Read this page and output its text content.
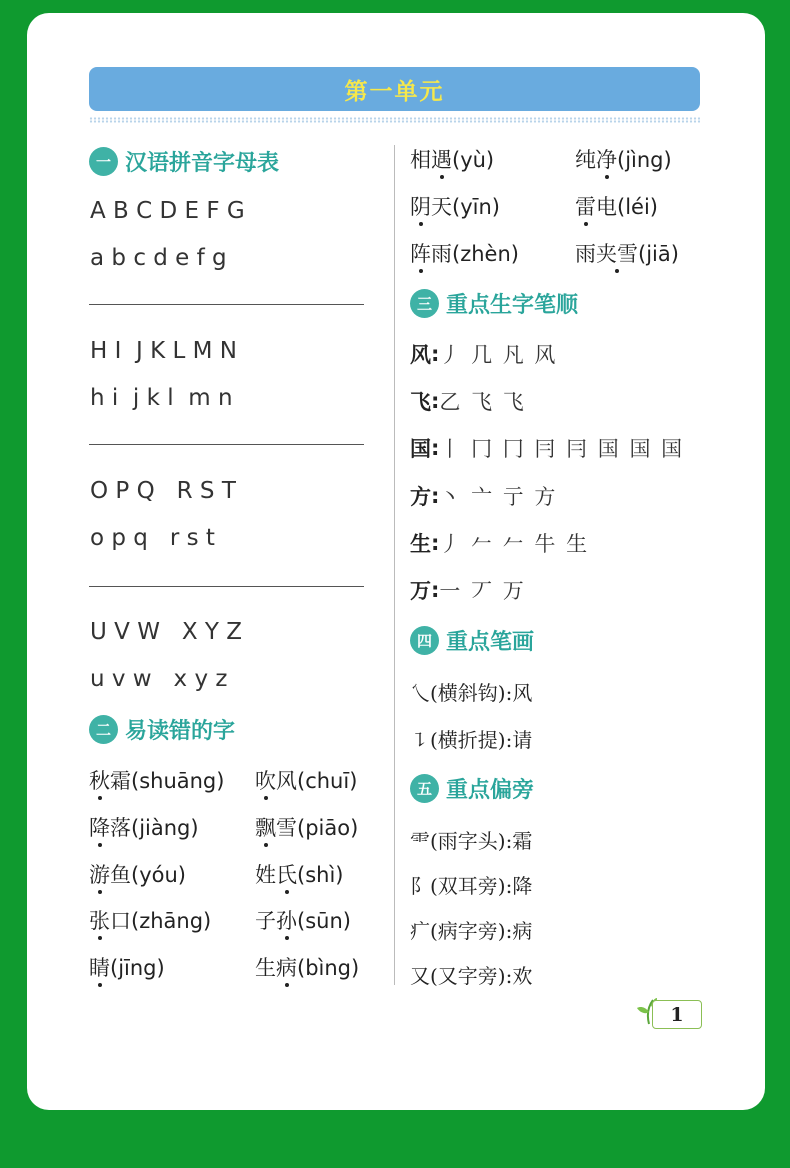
第一单元
一 汉语拼音字母表
A B C D E F G
a b c d e f g
H I  J K L M N
h i  j k l  m n
O P Q   R S T
o p q   r s t
U V W   X Y Z
u v w   x y z
二 易读错的字
秋霜(shuāng) 吹风(chuī)
降落(jiàng)	飘雪(piāo)
游鱼(yóu)	姓氏(shì)
张口(zhāng) 子孙(sūn)
睛(jīng)	生病(bìng)
相遇(yù)	纯净(jìng)
阴天(yīn)	雷电(léi)
阵雨(zhèn)	雨夹雪(jiā)
三 重点生字笔顺
风 : 丿 几 凡 风
飞 : 乙 飞 飞
国 : 丨 冂 冂 冃 冃 国 国 国
方 : 丶 亠 亍 方
生 : 丿 𠂉 𠂉 牛 生
万 : 一 丆 万
四 重点笔画
乀(横斜钩):风
㇊(横折提):请
五 重点偏旁
⻗(雨字头):霜
阝(双耳旁):降
疒(病字旁):病
又(又字旁):欢
1
